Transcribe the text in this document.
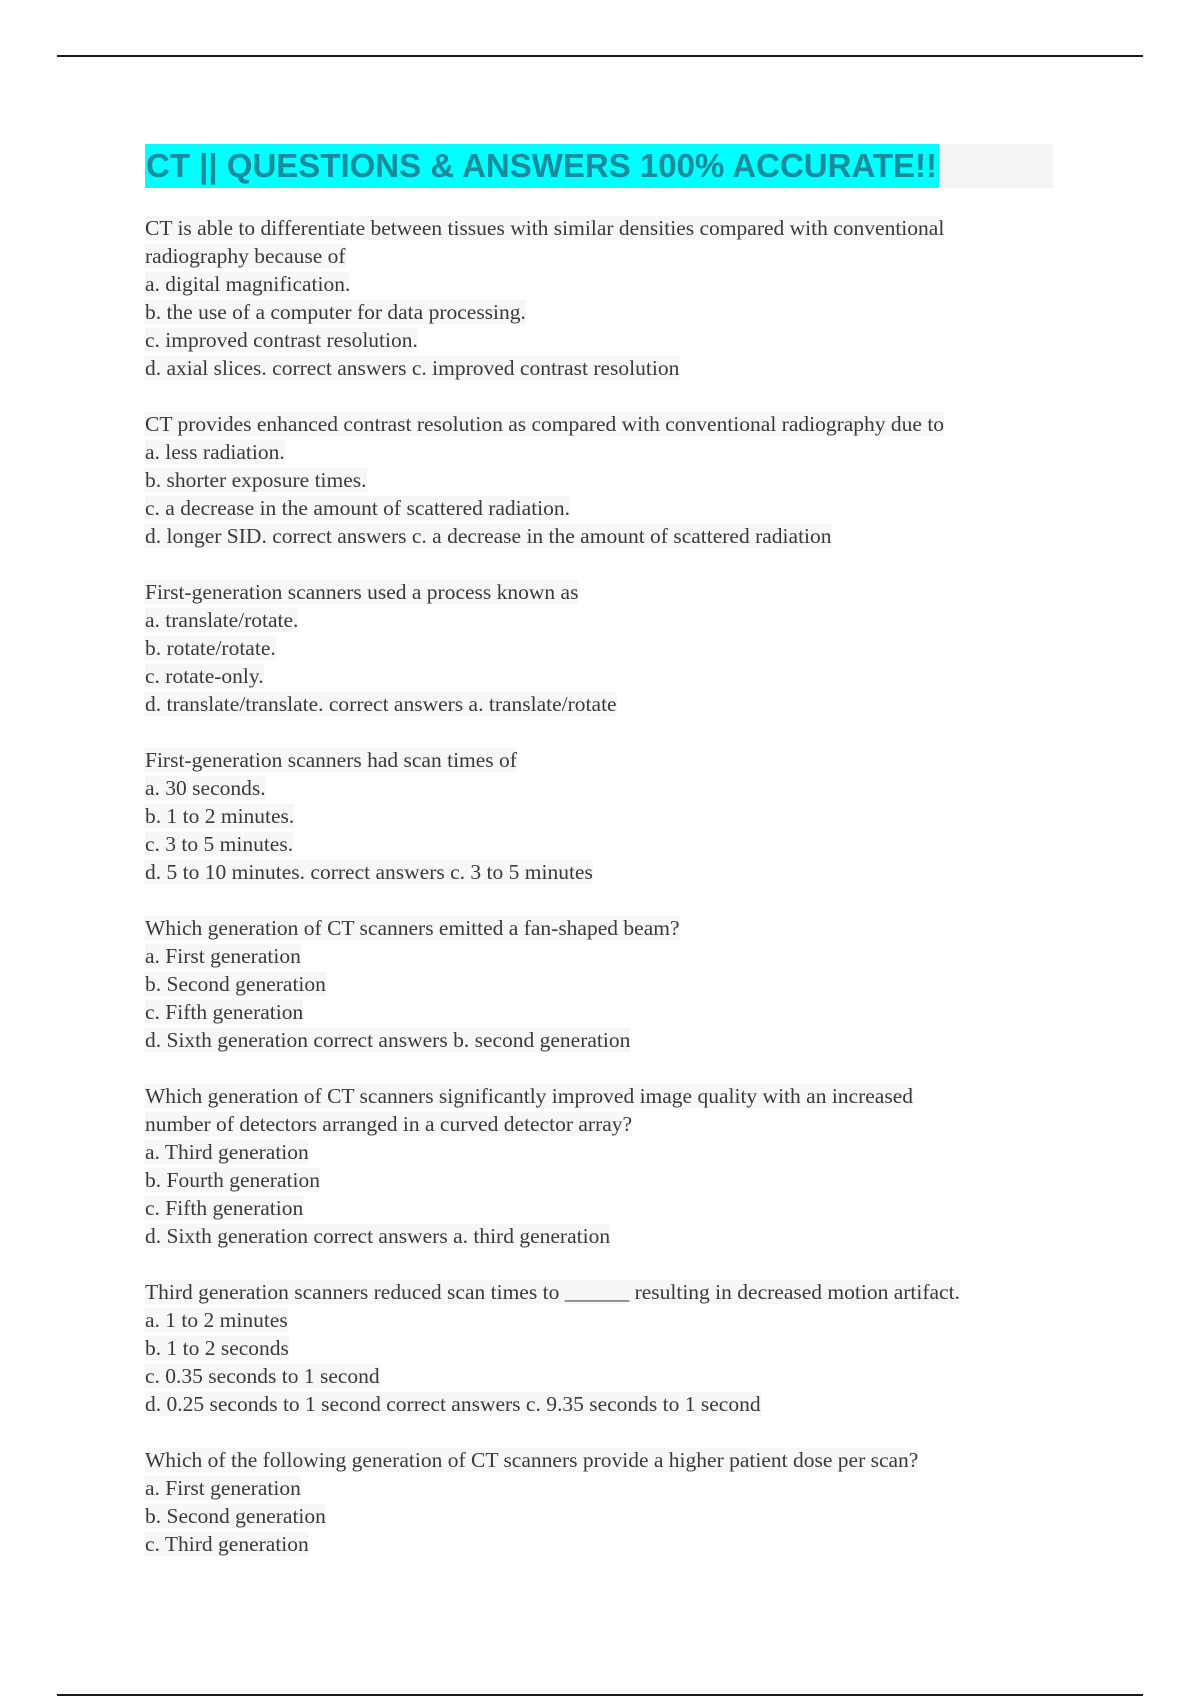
CT || QUESTIONS & ANSWERS 100% ACCURATE!!
CT is able to differentiate between tissues with similar densities compared with conventional
radiography because of
a. digital magnification.
b. the use of a computer for data processing.
c. improved contrast resolution.
d. axial slices. correct answers c. improved contrast resolution
CT provides enhanced contrast resolution as compared with conventional radiography due to
a. less radiation.
b. shorter exposure times.
c. a decrease in the amount of scattered radiation.
d. longer SID. correct answers c. a decrease in the amount of scattered radiation
First-generation scanners used a process known as
a. translate/rotate.
b. rotate/rotate.
c. rotate-only.
d. translate/translate. correct answers a. translate/rotate
First-generation scanners had scan times of
a. 30 seconds.
b. 1 to 2 minutes.
c. 3 to 5 minutes.
d. 5 to 10 minutes. correct answers c. 3 to 5 minutes
Which generation of CT scanners emitted a fan-shaped beam?
a. First generation
b. Second generation
c. Fifth generation
d. Sixth generation correct answers b. second generation
Which generation of CT scanners significantly improved image quality with an increased
number of detectors arranged in a curved detector array?
a. Third generation
b. Fourth generation
c. Fifth generation
d. Sixth generation correct answers a. third generation
Third generation scanners reduced scan times to ______ resulting in decreased motion artifact.
a. 1 to 2 minutes
b. 1 to 2 seconds
c. 0.35 seconds to 1 second
d. 0.25 seconds to 1 second correct answers c. 9.35 seconds to 1 second
Which of the following generation of CT scanners provide a higher patient dose per scan?
a. First generation
b. Second generation
c. Third generation
